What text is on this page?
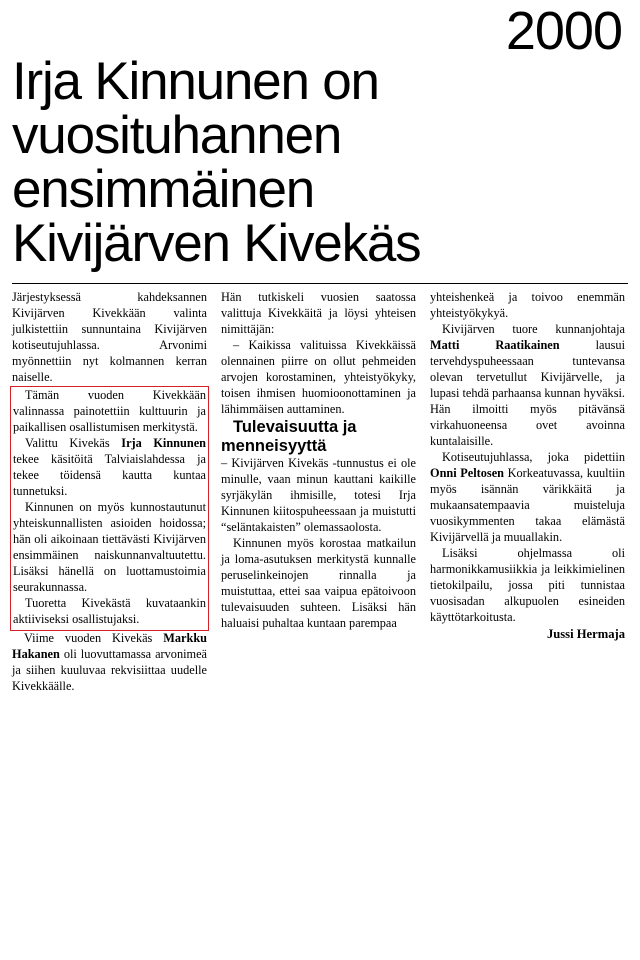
2000
Irja Kinnunen on
vuosituhannen
ensimmäinen
Kivijärven Kivekäs

Järjestyksessä kahdeksannen Kivijärven Kivekkään valinta julkistettiin sunnuntaina Kivijärven kotiseutujuhlassa. Arvonimi myönnettiin nyt kolmannen kerran naiselle.

Tämän vuoden Kivekkään valinnassa painotettiin kulttuurin ja paikallisen osallistumisen merkitystä.

Valittu Kivekäs Irja Kinnunen tekee käsitöitä Talviaislahdessa ja tekee töidensä kautta kuntaa tunnetuksi.

Kinnunen on myös kunnostautunut yhteiskunnallisten asioiden hoidossa; hän oli aikoinaan tiettävästi Kivijärven ensimmäinen naiskunnanvaltuutettu. Lisäksi hänellä on luottamustoimia seurakunnassa.

Tuoretta Kivekästä kuvataankin aktiiviseksi osallistujaksi.

Viime vuoden Kivekäs Markku Hakanen oli luovuttamassa arvonimeä ja siihen kuuluvaa rekvisiittaa uudelle Kivekkäälle.

Hän tutkiskeli vuosien saatossa valittuja Kivekkäitä ja löysi yhteisen nimittäjän:

– Kaikissa valituissa Kivekkäissä olennainen piirre on ollut pehmeiden arvojen korostaminen, yhteistyökyky, toisen ihmisen huomioonottaminen ja lähimmäisen auttaminen.

Tulevaisuutta ja menneisyyttä

– Kivijärven Kivekäs -tunnustus ei ole minulle, vaan minun kauttani kaikille syrjäkylän ihmisille, totesi Irja Kinnunen kiitospuheessaan ja muistutti “seläntakaisten” olemassaolosta.

Kinnunen myös korostaa matkailun ja loma-asutuksen merkitystä kunnalle peruselinkeinojen rinnalla ja muistuttaa, ettei saa vaipua epätoivoon tulevaisuuden suhteen. Lisäksi hän haluaisi puhaltaa kuntaan parempaa

yhteishenkeä ja toivoo enemmän yhteistyökykyä.

Kivijärven tuore kunnanjohtaja Matti Raatikainen lausui tervehdyspuheessaan tuntevansa olevan tervetullut Kivijärvelle, ja lupasi tehdä parhaansa kunnan hyväksi. Hän ilmoitti myös pitävänsä virkahuoneensa ovet avoinna kuntalaisille.

Kotiseutujuhlassa, joka pidettiin Onni Peltosen Korkeatuvassa, kuultiin myös isännän värikkäitä ja mukaansatempaavia muisteluja vuosikymmenten takaa elämästä Kivijärvellä ja muuallakin.

Lisäksi ohjelmassa oli harmonikkamusiikkia ja leikkimielinen tietokilpailu, jossa piti tunnistaa vuosisadan alkupuolen esineiden käyttötarkoitusta.

Jussi Hermaja
